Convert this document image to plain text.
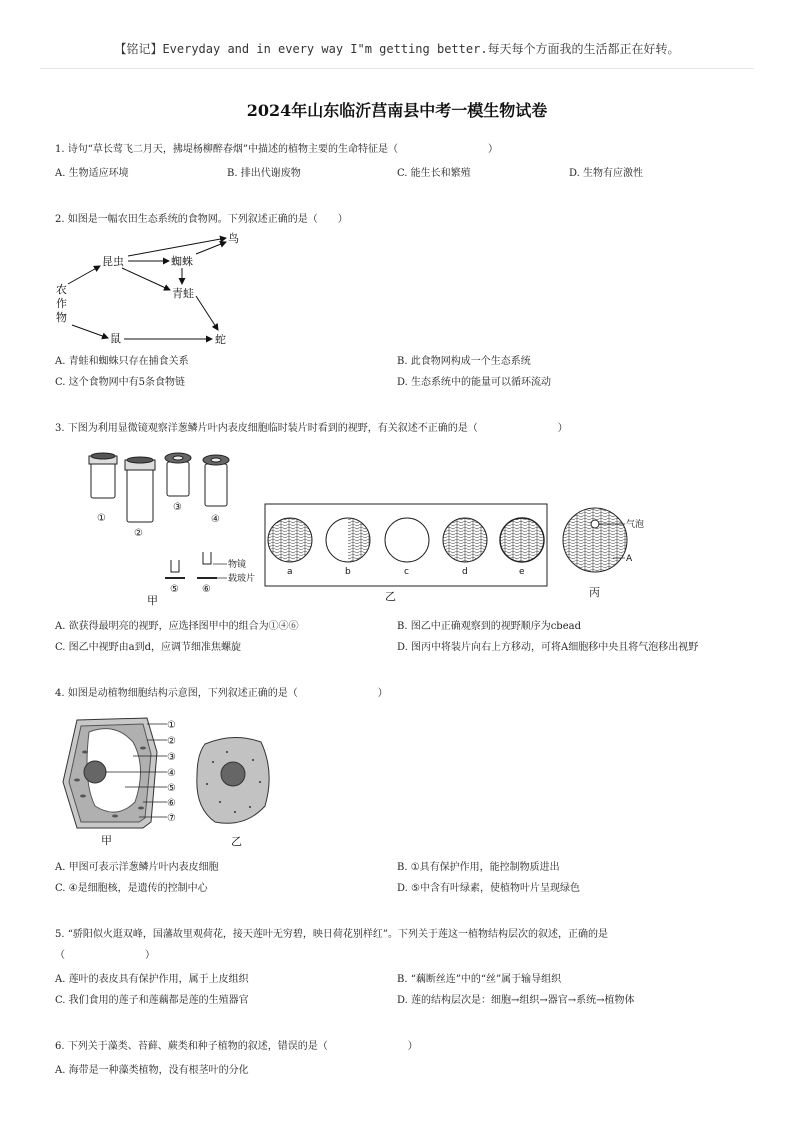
【铭记】Everyday and in every way I"m getting better.每天每个方面我的生活都正在好转。
2024年山东临沂莒南县中考一模生物试卷
1. 诗句“草长莺飞二月天，拂堤杨柳醉春烟”中描述的植物主要的生命特征是（　　　　　　　　　）
A. 生物适应环境	B. 排出代谢废物	C. 能生长和繁殖	D. 生物有应激性
2. 如图是一幅农田生态系统的食物网。下列叙述正确的是（　　）
农
作
物
昆虫	蜘蛛
鸟
青蛙
鼠	蛇
A. 青蛙和蜘蛛只存在捕食关系	B. 此食物网构成一个生态系统
C. 这个食物网中有5条食物链	D. 生态系统中的能量可以循环流动
3. 下图为利用显微镜观察洋葱鳞片叶内表皮细胞临时装片时看到的视野，有关叙述不正确的是（　　　　　　　　）
①
②
③
④
⑤ ⑥
物镜
载玻片
甲
a	b	c	d	e
乙
气泡
A
丙
A. 欲获得最明亮的视野，应选择图甲中的组合为①④⑥	B. 图乙中正确观察到的视野顺序为cbead
C. 图乙中视野由a到d，应调节细准焦螺旋	D. 图丙中将装片向右上方移动，可将A细胞移中央且将气泡移出视野
4. 如图是动植物细胞结构示意图，下列叙述正确的是（　　　　　　　　）
①
②
③
④
⑤
⑥
⑦
甲	乙
A. 甲图可表示洋葱鳞片叶内表皮细胞	B. ①具有保护作用，能控制物质进出
C. ④是细胞核，是遗传的控制中心	D. ⑤中含有叶绿素，使植物叶片呈现绿色
5. “骄阳似火逛双峰，国藩故里观荷花，接天莲叶无穷碧，映日荷花别样红”。下列关于莲这一植物结构层次的叙述，正确的是
（　　　　　　　　）
A. 莲叶的表皮具有保护作用，属于上皮组织	B. “藕断丝连”中的“丝”属于输导组织
C. 我们食用的莲子和莲藕都是莲的生殖器官	D. 莲的结构层次是：细胞→组织→器官→系统→植物体
6. 下列关于藻类、苔藓、蕨类和种子植物的叙述，错误的是（　　　　　　　　）
A. 海带是一种藻类植物，没有根茎叶的分化
